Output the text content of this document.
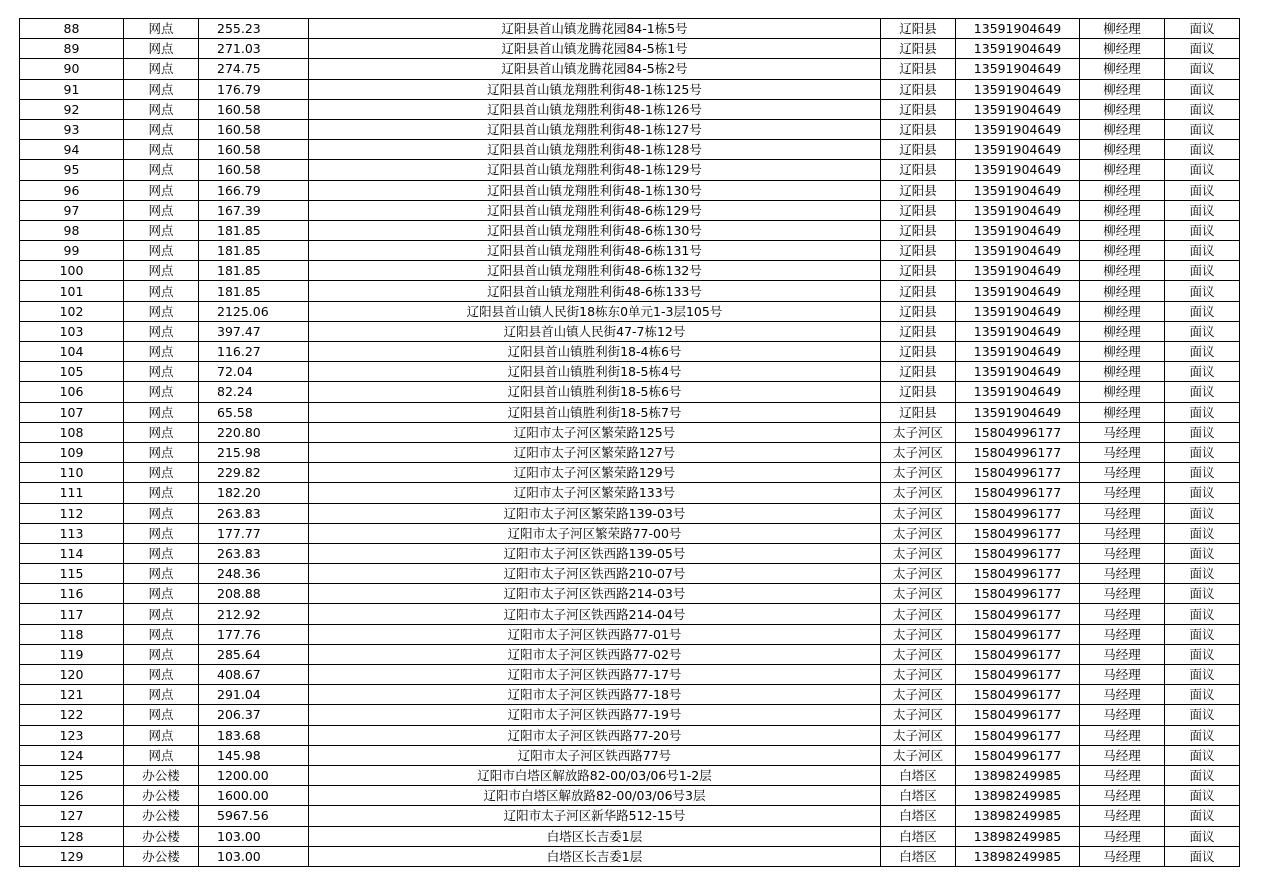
88	网点	255.23	辽阳县首山镇龙腾花园84-1栋5号	辽阳县	13591904649	柳经理	面议
89	网点	271.03	辽阳县首山镇龙腾花园84-5栋1号	辽阳县	13591904649	柳经理	面议
90	网点	274.75	辽阳县首山镇龙腾花园84-5栋2号	辽阳县	13591904649	柳经理	面议
91	网点	176.79	辽阳县首山镇龙翔胜利街48-1栋125号	辽阳县	13591904649	柳经理	面议
92	网点	160.58	辽阳县首山镇龙翔胜利街48-1栋126号	辽阳县	13591904649	柳经理	面议
93	网点	160.58	辽阳县首山镇龙翔胜利街48-1栋127号	辽阳县	13591904649	柳经理	面议
94	网点	160.58	辽阳县首山镇龙翔胜利街48-1栋128号	辽阳县	13591904649	柳经理	面议
95	网点	160.58	辽阳县首山镇龙翔胜利街48-1栋129号	辽阳县	13591904649	柳经理	面议
96	网点	166.79	辽阳县首山镇龙翔胜利街48-1栋130号	辽阳县	13591904649	柳经理	面议
97	网点	167.39	辽阳县首山镇龙翔胜利街48-6栋129号	辽阳县	13591904649	柳经理	面议
98	网点	181.85	辽阳县首山镇龙翔胜利街48-6栋130号	辽阳县	13591904649	柳经理	面议
99	网点	181.85	辽阳县首山镇龙翔胜利街48-6栋131号	辽阳县	13591904649	柳经理	面议
100	网点	181.85	辽阳县首山镇龙翔胜利街48-6栋132号	辽阳县	13591904649	柳经理	面议
101	网点	181.85	辽阳县首山镇龙翔胜利街48-6栋133号	辽阳县	13591904649	柳经理	面议
102	网点	2125.06	辽阳县首山镇人民街18栋东0单元1-3层105号	辽阳县	13591904649	柳经理	面议
103	网点	397.47	辽阳县首山镇人民街47-7栋12号	辽阳县	13591904649	柳经理	面议
104	网点	116.27	辽阳县首山镇胜利街18-4栋6号	辽阳县	13591904649	柳经理	面议
105	网点	72.04	辽阳县首山镇胜利街18-5栋4号	辽阳县	13591904649	柳经理	面议
106	网点	82.24	辽阳县首山镇胜利街18-5栋6号	辽阳县	13591904649	柳经理	面议
107	网点	65.58	辽阳县首山镇胜利街18-5栋7号	辽阳县	13591904649	柳经理	面议
108	网点	220.80	辽阳市太子河区繁荣路125号	太子河区	15804996177	马经理	面议
109	网点	215.98	辽阳市太子河区繁荣路127号	太子河区	15804996177	马经理	面议
110	网点	229.82	辽阳市太子河区繁荣路129号	太子河区	15804996177	马经理	面议
111	网点	182.20	辽阳市太子河区繁荣路133号	太子河区	15804996177	马经理	面议
112	网点	263.83	辽阳市太子河区繁荣路139-03号	太子河区	15804996177	马经理	面议
113	网点	177.77	辽阳市太子河区繁荣路77-00号	太子河区	15804996177	马经理	面议
114	网点	263.83	辽阳市太子河区铁西路139-05号	太子河区	15804996177	马经理	面议
115	网点	248.36	辽阳市太子河区铁西路210-07号	太子河区	15804996177	马经理	面议
116	网点	208.88	辽阳市太子河区铁西路214-03号	太子河区	15804996177	马经理	面议
117	网点	212.92	辽阳市太子河区铁西路214-04号	太子河区	15804996177	马经理	面议
118	网点	177.76	辽阳市太子河区铁西路77-01号	太子河区	15804996177	马经理	面议
119	网点	285.64	辽阳市太子河区铁西路77-02号	太子河区	15804996177	马经理	面议
120	网点	408.67	辽阳市太子河区铁西路77-17号	太子河区	15804996177	马经理	面议
121	网点	291.04	辽阳市太子河区铁西路77-18号	太子河区	15804996177	马经理	面议
122	网点	206.37	辽阳市太子河区铁西路77-19号	太子河区	15804996177	马经理	面议
123	网点	183.68	辽阳市太子河区铁西路77-20号	太子河区	15804996177	马经理	面议
124	网点	145.98	辽阳市太子河区铁西路77号	太子河区	15804996177	马经理	面议
125	办公楼	1200.00	辽阳市白塔区解放路82-00/03/06号1-2层	白塔区	13898249985	马经理	面议
126	办公楼	1600.00	辽阳市白塔区解放路82-00/03/06号3层	白塔区	13898249985	马经理	面议
127	办公楼	5967.56	辽阳市太子河区新华路512-15号	白塔区	13898249985	马经理	面议
128	办公楼	103.00	白塔区长吉委1层	白塔区	13898249985	马经理	面议
129	办公楼	103.00	白塔区长吉委1层	白塔区	13898249985	马经理	面议
